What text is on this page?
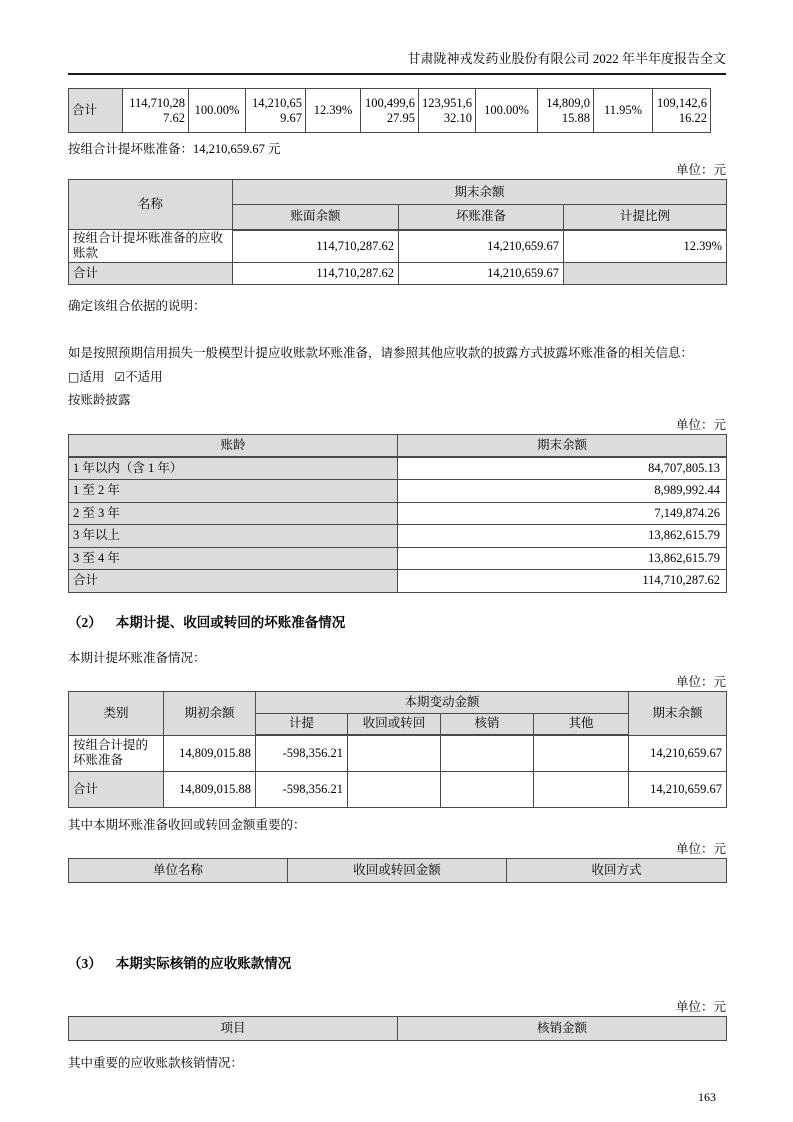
甘肃陇神戎发药业股份有限公司 2022 年半年度报告全文
合计	114,710,287.62	100.00%	14,210,659.67	12.39%	100,499,627.95	123,951,632.10	100.00%	14,809,015.88	11.95%	109,142,616.22
按组合计提坏账准备：14,210,659.67 元
单位：元
名称	期末余额		
	账面余额	坏账准备	计提比例
按组合计提坏账准备的应收账款	114,710,287.62	14,210,659.67	12.39%
合计	114,710,287.62	14,210,659.67	
确定该组合依据的说明：
如是按照预期信用损失一般模型计提应收账款坏账准备，请参照其他应收款的披露方式披露坏账准备的相关信息：
□适用 ☑不适用
按账龄披露
单位：元
账龄	期末余额
1 年以内（含 1 年）	84,707,805.13
1 至 2 年	8,989,992.44
2 至 3 年	7,149,874.26
3 年以上	13,862,615.79
3 至 4 年	13,862,615.79
合计	114,710,287.62
（2） 本期计提、收回或转回的坏账准备情况
本期计提坏账准备情况：
单位：元
类别	期初余额	本期变动金额				期末余额
		计提	收回或转回	核销	其他	
按组合计提的坏账准备	14,809,015.88	-598,356.21				14,210,659.67
合计	14,809,015.88	-598,356.21				14,210,659.67
其中本期坏账准备收回或转回金额重要的：
单位：元
单位名称	收回或转回金额	收回方式
（3） 本期实际核销的应收账款情况
单位：元
项目	核销金额
其中重要的应收账款核销情况：
163
